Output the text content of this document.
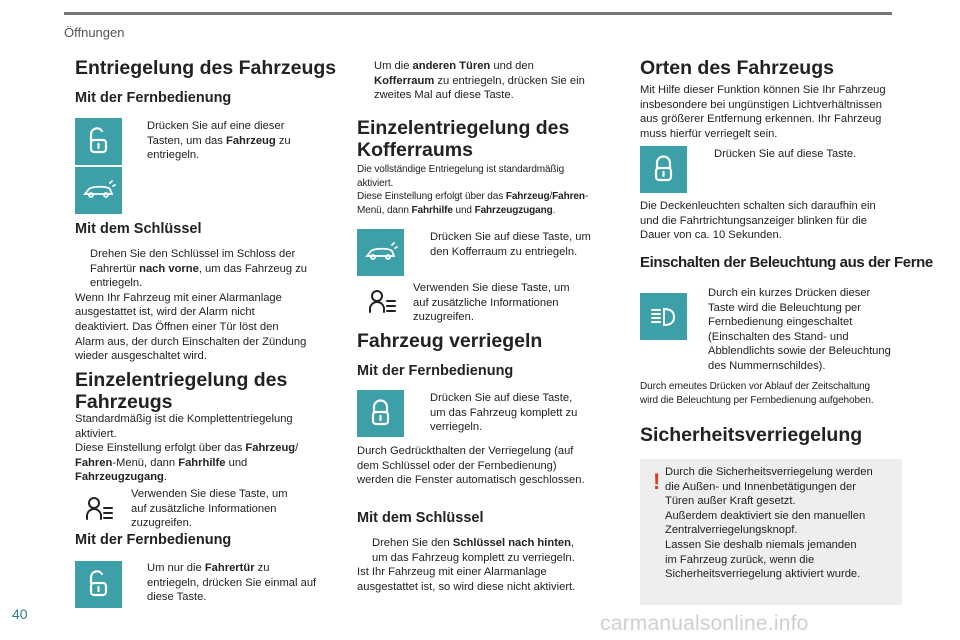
Öffnungen
Entriegelung des Fahrzeugs
Mit der Fernbedienung

Drücken Sie auf eine dieser
Tasten, um das Fahrzeug zu
entriegeln.

Mit dem Schlüssel

Drehen Sie den Schlüssel im Schloss der
Fahrertür nach vorne, um das Fahrzeug zu
entriegeln.
Wenn Ihr Fahrzeug mit einer Alarmanlage
ausgestattet ist, wird der Alarm nicht
deaktiviert. Das Öffnen einer Tür löst den
Alarm aus, der durch Einschalten der Zündung
wieder ausgeschaltet wird.

Einzelentriegelung des
Fahrzeugs

Standardmäßig ist die Komplettentriegelung
aktiviert.
Diese Einstellung erfolgt über das Fahrzeug/
Fahren-Menü, dann Fahrhilfe und
Fahrzeugzugang.

Verwenden Sie diese Taste, um
auf zusätzliche Informationen
zuzugreifen.

Mit der Fernbedienung

Um nur die Fahrertür zu
entriegeln, drücken Sie einmal auf
diese Taste.

Um die anderen Türen und den
Kofferraum zu entriegeln, drücken Sie ein
zweites Mal auf diese Taste.

Einzelentriegelung des
Kofferraums

Die vollständige Entriegelung ist standardmäßig
aktiviert.
Diese Einstellung erfolgt über das Fahrzeug/Fahren-
Menü, dann Fahrhilfe und Fahrzeugzugang.

Drücken Sie auf diese Taste, um
den Kofferraum zu entriegeln.

Verwenden Sie diese Taste, um
auf zusätzliche Informationen
zuzugreifen.

Fahrzeug verriegeln
Mit der Fernbedienung

Drücken Sie auf diese Taste,
um das Fahrzeug komplett zu
verriegeln.

Durch Gedrückthalten der Verriegelung (auf
dem Schlüssel oder der Fernbedienung)
werden die Fenster automatisch geschlossen.

Mit dem Schlüssel

Drehen Sie den Schlüssel nach hinten,
um das Fahrzeug komplett zu verriegeln.
Ist Ihr Fahrzeug mit einer Alarmanlage
ausgestattet ist, so wird diese nicht aktiviert.

Orten des Fahrzeugs

Mit Hilfe dieser Funktion können Sie Ihr Fahrzeug
insbesondere bei ungünstigen Lichtverhältnissen
aus größerer Entfernung erkennen. Ihr Fahrzeug
muss hierfür verriegelt sein.

Drücken Sie auf diese Taste.

Die Deckenleuchten schalten sich daraufhin ein
und die Fahrtrichtungsanzeiger blinken für die
Dauer von ca. 10 Sekunden.

Einschalten der Beleuchtung aus der Ferne

Durch ein kurzes Drücken dieser
Taste wird die Beleuchtung per
Fernbedienung eingeschaltet
(Einschalten des Stand- und
Abblendlichts sowie der Beleuchtung
des Nummernschildes).

Durch erneutes Drücken vor Ablauf der Zeitschaltung
wird die Beleuchtung per Fernbedienung aufgehoben.

Sicherheitsverriegelung
! Durch die Sicherheitsverriegelung werden
die Außen- und Innenbetätigungen der
Türen außer Kraft gesetzt.
Außerdem deaktiviert sie den manuellen
Zentralverriegelungsknopf.
Lassen Sie deshalb niemals jemanden
im Fahrzeug zurück, wenn die
Sicherheitsverriegelung aktiviert wurde.

40	carmanualsonline.info
